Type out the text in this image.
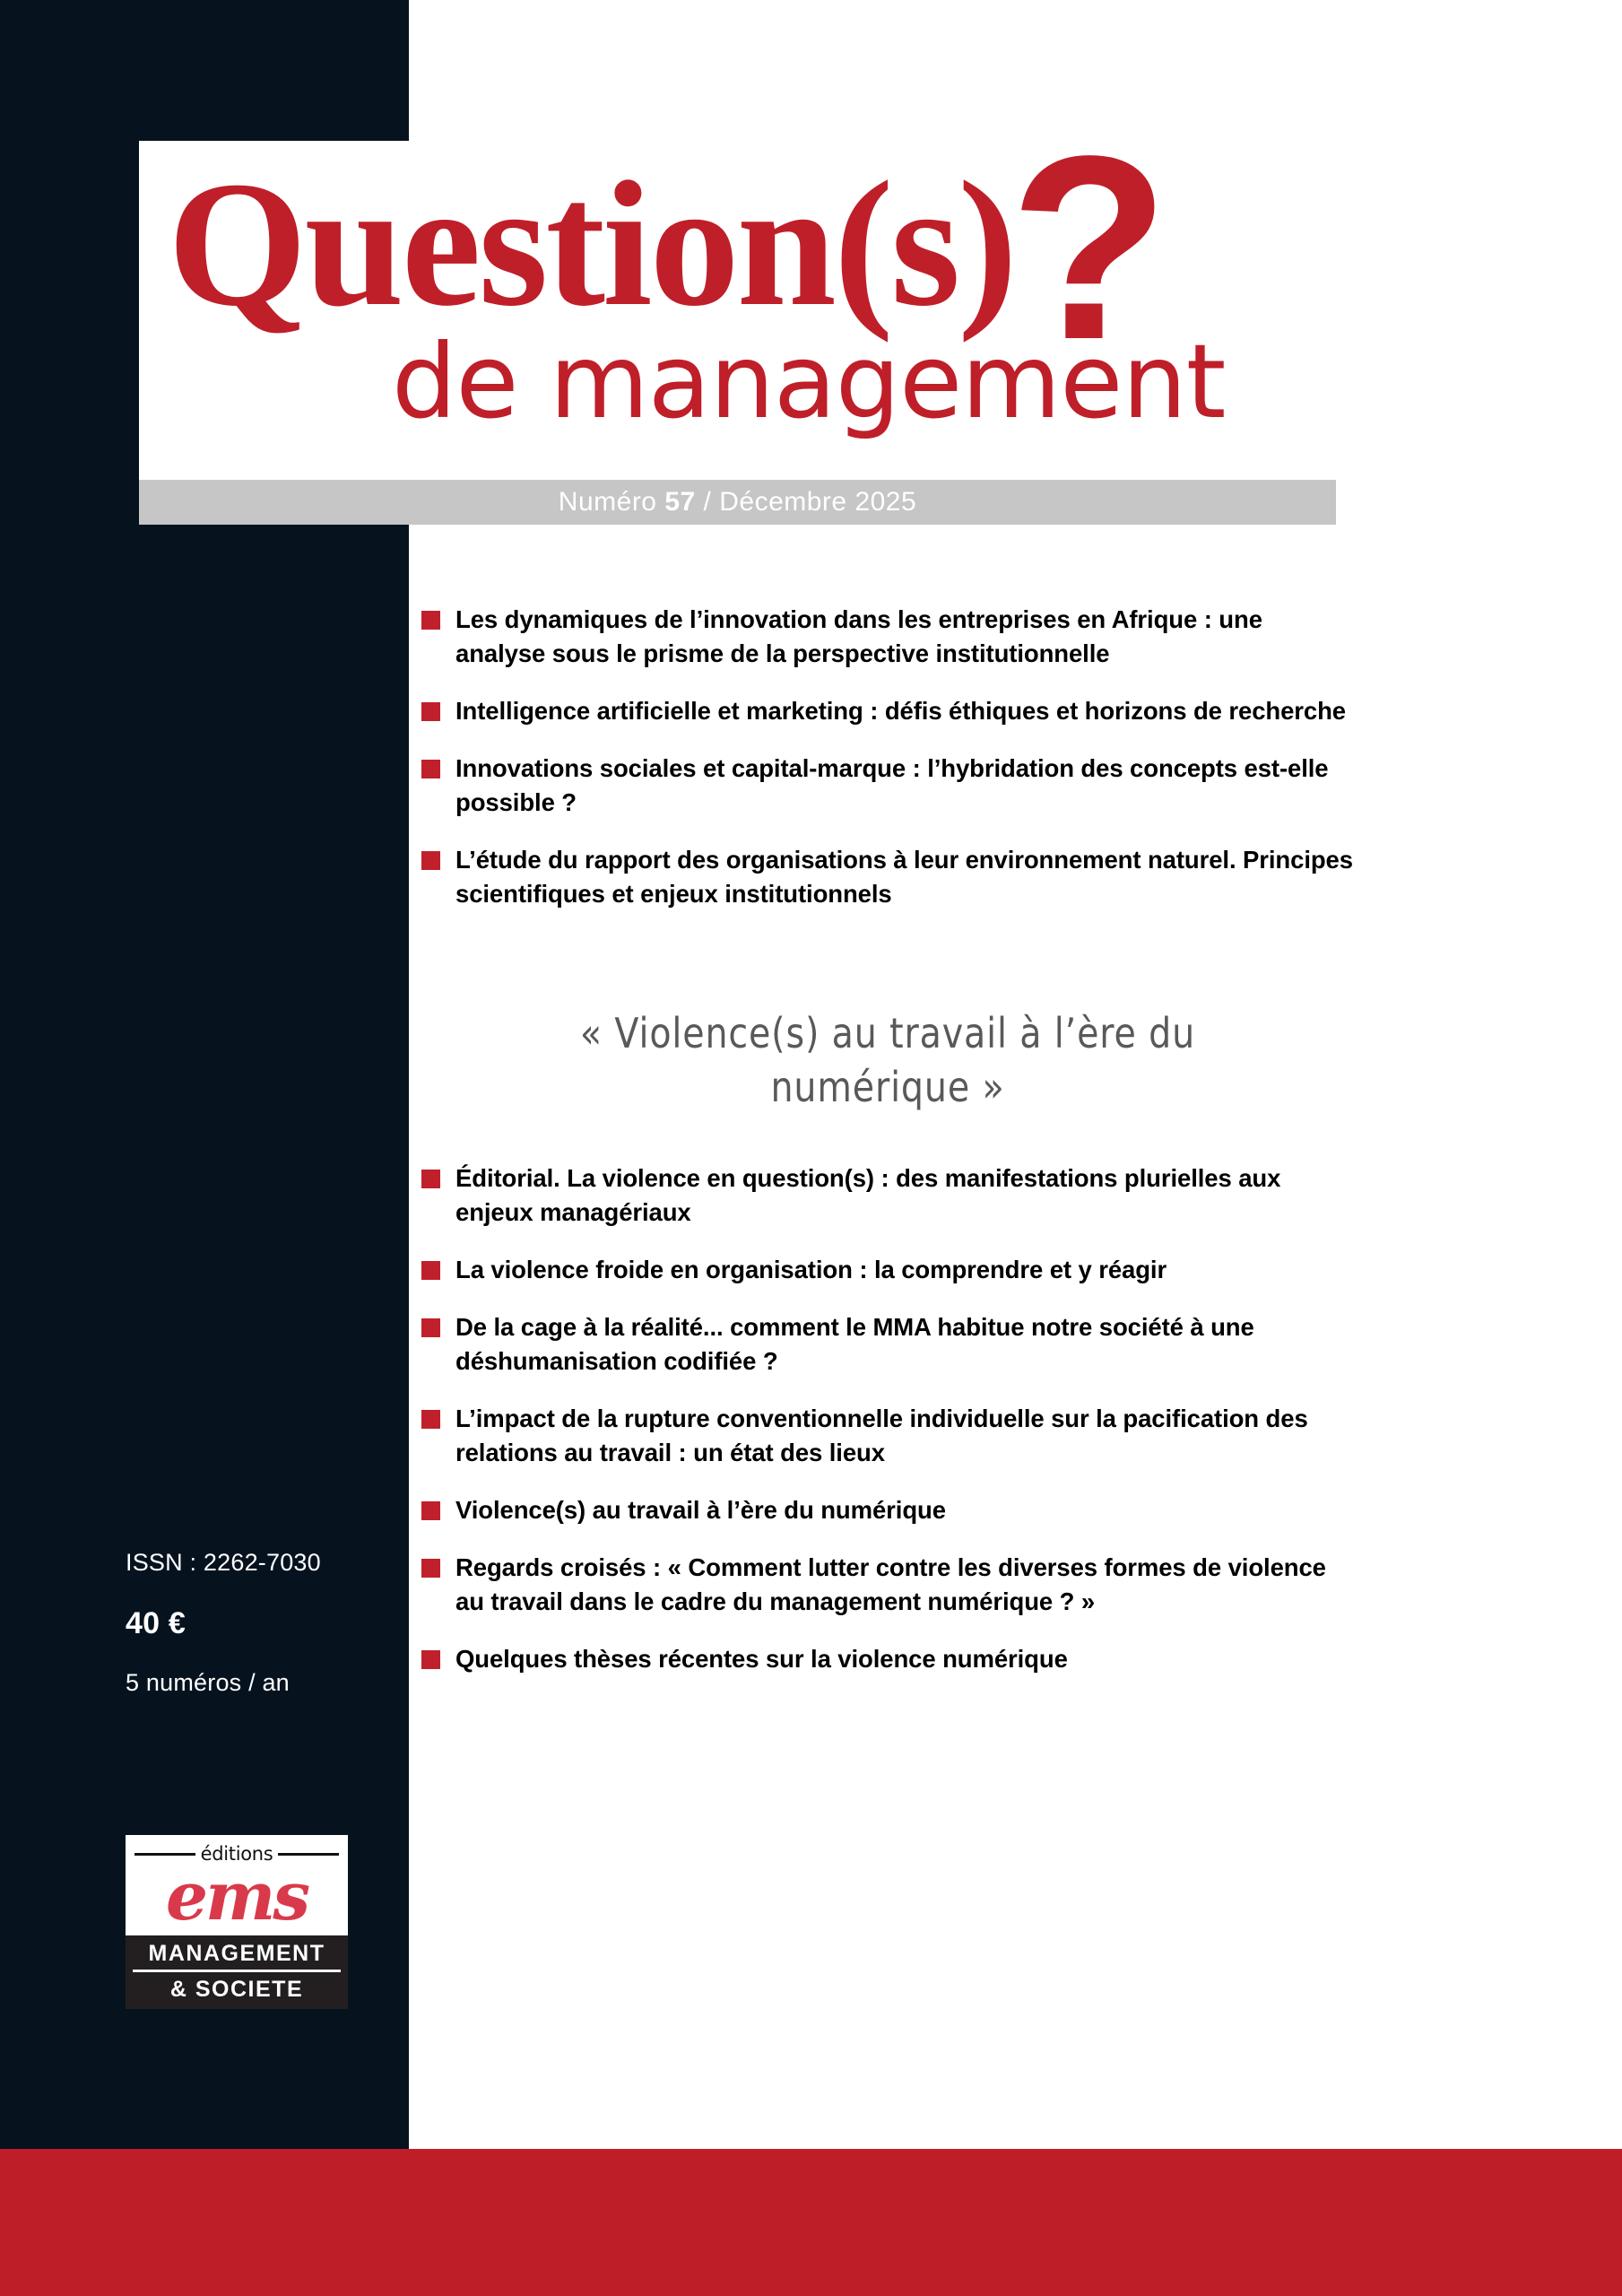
Question(s)?
de management
Numéro 57 / Décembre 2025
Les dynamiques de l’innovation dans les entreprises en Afrique : une analyse sous le prisme de la perspective institutionnelle
Intelligence artificielle et marketing : défis éthiques et horizons de recherche
Innovations sociales et capital-marque : l’hybridation des concepts est-elle possible ?
L’étude du rapport des organisations à leur environnement naturel. Principes scientifiques et enjeux institutionnels
« Violence(s) au travail à l’ère du numérique »
Éditorial. La violence en question(s) : des manifestations plurielles aux enjeux managériaux
La violence froide en organisation : la comprendre et y réagir
De la cage à la réalité... comment le MMA habitue notre société à une déshumanisation codifiée ?
L’impact de la rupture conventionnelle individuelle sur la pacification des relations au travail : un état des lieux
Violence(s) au travail à l’ère du numérique
Regards croisés : « Comment lutter contre les diverses formes de violence au travail dans le cadre du management numérique ? »
Quelques thèses récentes sur la violence numérique
ISSN : 2262-7030
40 €
5 numéros / an
éditions
ems
MANAGEMENT
& SOCIETE
